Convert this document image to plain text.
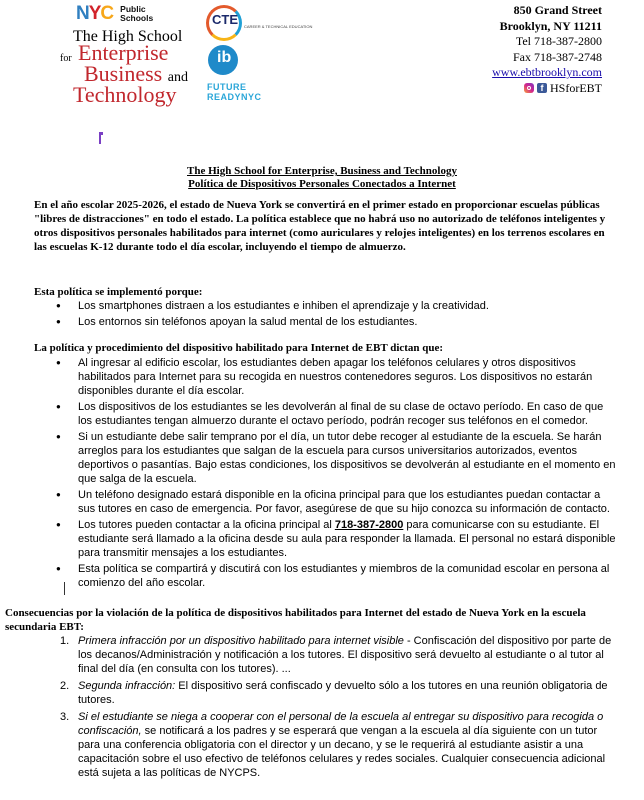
NYC Public
Schools
The High School
for Enterprise
Business and
Technology
CTE CAREER & TECHNICAL EDUCATION
ib
FUTURE
READYNYC
850 Grand Street
Brooklyn, NY 11211
Tel 718-387-2800
Fax 718-387-2748
www.ebtbrooklyn.com
f HSforEBT
The High School for Enterprise, Business and Technology
Política de Dispositivos Personales Conectados a Internet
En el año escolar 2025-2026, el estado de Nueva York se convertirá en el primer estado en proporcionar escuelas públicas "libres de distracciones" en todo el estado. La política establece que no habrá uso no autorizado de teléfonos inteligentes y otros dispositivos personales habilitados para internet (como auriculares y relojes inteligentes) en los terrenos escolares en las escuelas K-12 durante todo el día escolar, incluyendo el tiempo de almuerzo.
Esta política se implementó porque:
● Los smartphones distraen a los estudiantes e inhiben el aprendizaje y la creatividad.
● Los entornos sin teléfonos apoyan la salud mental de los estudiantes.
La política y procedimiento del dispositivo habilitado para Internet de EBT dictan que:
● Al ingresar al edificio escolar, los estudiantes deben apagar los teléfonos celulares y otros dispositivos habilitados para Internet para su recogida en nuestros contenedores seguros. Los dispositivos no estarán disponibles durante el día escolar.
● Los dispositivos de los estudiantes se les devolverán al final de su clase de octavo período. En caso de que los estudiantes tengan almuerzo durante el octavo período, podrán recoger sus teléfonos en el comedor.
● Si un estudiante debe salir temprano por el día, un tutor debe recoger al estudiante de la escuela. Se harán arreglos para los estudiantes que salgan de la escuela para cursos universitarios autorizados, eventos deportivos o pasantías. Bajo estas condiciones, los dispositivos se devolverán al estudiante en el momento en que salga de la escuela.
● Un teléfono designado estará disponible en la oficina principal para que los estudiantes puedan contactar a sus tutores en caso de emergencia. Por favor, asegúrese de que su hijo conozca su información de contacto.
● Los tutores pueden contactar a la oficina principal al 718-387-2800 para comunicarse con su estudiante. El estudiante será llamado a la oficina desde su aula para responder la llamada. El personal no estará disponible para transmitir mensajes a los estudiantes.
● Esta política se compartirá y discutirá con los estudiantes y miembros de la comunidad escolar en persona al comienzo del año escolar.
Consecuencias por la violación de la política de dispositivos habilitados para Internet del estado de Nueva York en la escuela secundaria EBT:
1. Primera infracción por un dispositivo habilitado para internet visible - Confiscación del dispositivo por parte de los decanos/Administración y notificación a los tutores. El dispositivo será devuelto al estudiante o al tutor al final del día (en consulta con los tutores). ...
2. Segunda infracción: El dispositivo será confiscado y devuelto sólo a los tutores en una reunión obligatoria de tutores.
3. Si el estudiante se niega a cooperar con el personal de la escuela al entregar su dispositivo para recogida o confiscación, se notificará a los padres y se esperará que vengan a la escuela al día siguiente con un tutor para una conferencia obligatoria con el director y un decano, y se le requerirá al estudiante asistir a una capacitación sobre el uso efectivo de teléfonos celulares y redes sociales. Cualquier consecuencia adicional está sujeta a las políticas de NYCPS.
